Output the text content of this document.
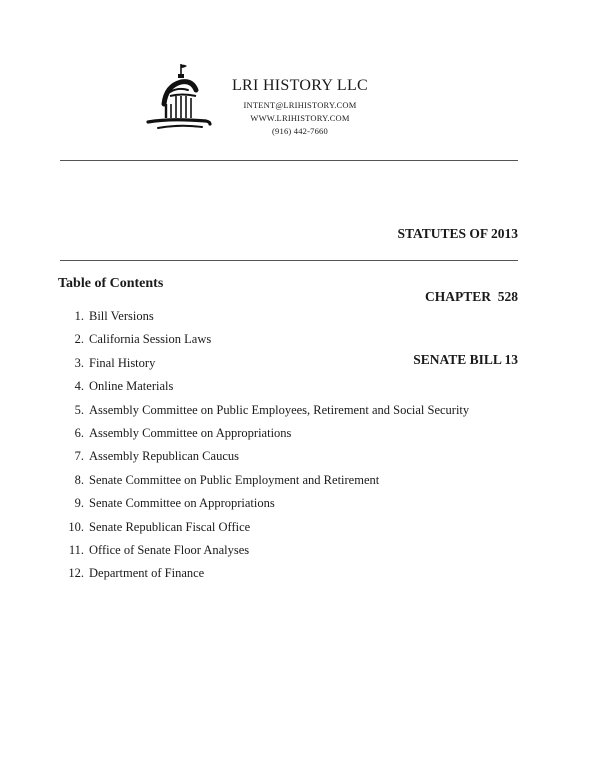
LRI HISTORY LLC
INTENT@LRIHISTORY.COM
WWW.LRIHISTORY.COM
(916) 442-7660

STATUTES OF 2013

CHAPTER  528

SENATE BILL 13

Table of Contents
1. Bill Versions
2. California Session Laws
3. Final History
4. Online Materials
5. Assembly Committee on Public Employees, Retirement and Social Security
6. Assembly Committee on Appropriations
7. Assembly Republican Caucus
8. Senate Committee on Public Employment and Retirement
9. Senate Committee on Appropriations
10. Senate Republican Fiscal Office
11. Office of Senate Floor Analyses
12. Department of Finance
